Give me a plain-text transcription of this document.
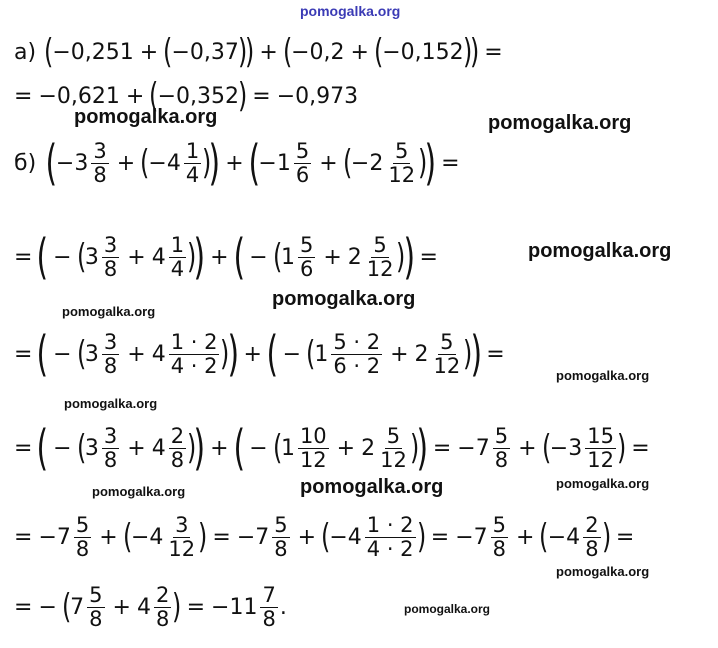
pomogalka.org
pomogalka.org	pomogalka.org
pomogalka.org
pomogalka.org
pomogalka.org
pomogalka.org
pomogalka.org
pomogalka.org	pomogalka.org	pomogalka.org
pomogalka.org
pomogalka.org
а) (
−0,251 + (
−0,37
)
) + (
−0,2 + (
−0,152
)
) =
= −0,621 + (
−0,352
) = −0,973
б) (
$-3 \frac{3}{8}$ + (
$-4 \frac{1}{4}$ )
) + (
$-1 \frac{5}{6}$ + (
$-2 \frac{5}{12}$ )
) =
= ( − (
$3 \frac{3}{8} + 4 \frac{1}{4}$ )
) + ( − (
$1 \frac{5}{6} + 2 \frac{5}{12}$ )
) =
= ( − (
$3 \frac{3}{8} + 4 \frac{1 \cdot 2}{4 \cdot 2}$ )
) + ( − (
$1 \frac{5 \cdot 2}{6 \cdot 2} + 2 \frac{5}{12}$ )
) =
= ( − (
$3 \frac{3}{8} + 4 \frac{2}{8}$ )
) + ( − (
$1 \frac{10}{12} + 2 \frac{5}{12}$ )
) = $-7 \frac{5}{8}$ + (
$-3 \frac{15}{12}$ ) =
= $-7 \frac{5}{8}$ + (
$-4 \frac{3}{12}$ ) = $-7 \frac{5}{8}$ + (
$-4 \frac{1 \cdot 2}{4 \cdot 2}$ ) = $-7 \frac{5}{8}$ + (
$-4 \frac{2}{8}$ ) =
= − (
$7 \frac{5}{8} + 4 \frac{2}{8}$ ) = $-11 \frac{7}{8}$ .
